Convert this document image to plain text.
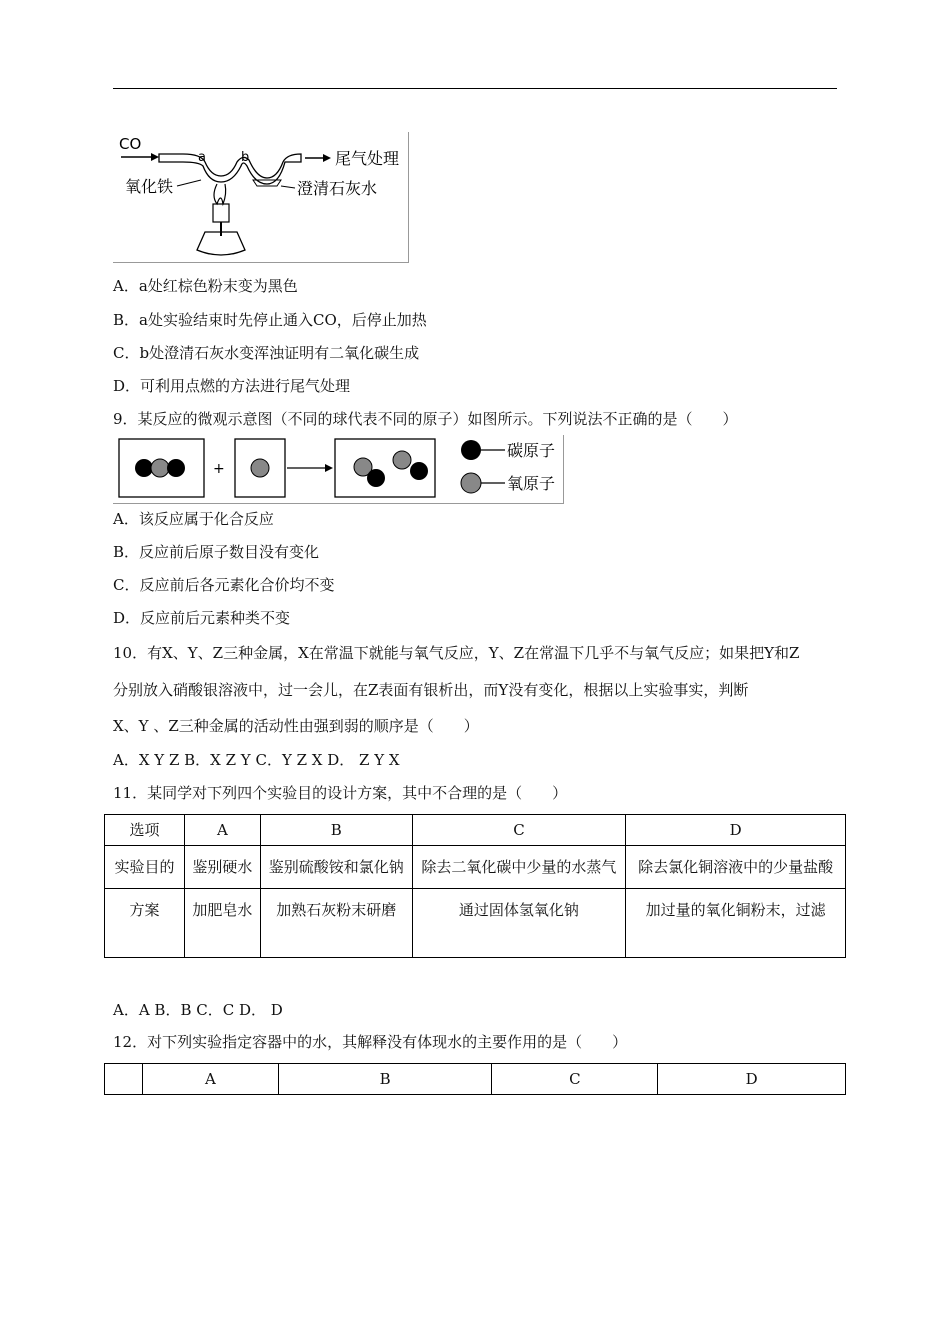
CO
a	b	尾气处理
氧化铁	澄清石灰水
A．a处红棕色粉末变为黑色
B．a处实验结束时先停止通入CO，后停止加热
C．b处澄清石灰水变浑浊证明有二氧化碳生成
D．可利用点燃的方法进行尾气处理
9．某反应的微观示意图（不同的球代表不同的原子）如图所示。下列说法不正确的是（　　）
+
碳原子
氧原子
A．该反应属于化合反应
B．反应前后原子数目没有变化
C．反应前后各元素化合价均不变
D．反应前后元素种类不变
10．有X、Y、Z三种金属，X在常温下就能与氧气反应，Y、Z在常温下几乎不与氧气反应；如果把Y和Z
分别放入硝酸银溶液中，过一会儿，在Z表面有银析出，而Y没有变化，根据以上实验事实，判断
X、Y 、Z三种金属的活动性由强到弱的顺序是（　　）
A．X Y Z B．X Z Y C．Y Z X D． Z Y X
11．某同学对下列四个实验目的设计方案，其中不合理的是（　　）
选项	A	B	C	D
实验目的	鉴别硬水	鉴别硫酸铵和氯化钠	除去二氧化碳中少量的水蒸气	除去氯化铜溶液中的少量盐酸
方案	加肥皂水	加熟石灰粉末研磨	通过固体氢氧化钠	加过量的氧化铜粉末，过滤
A．A B．B C．C D． D
12．对下列实验指定容器中的水，其解释没有体现水的主要作用的是（　　）
	A	B	C	D
